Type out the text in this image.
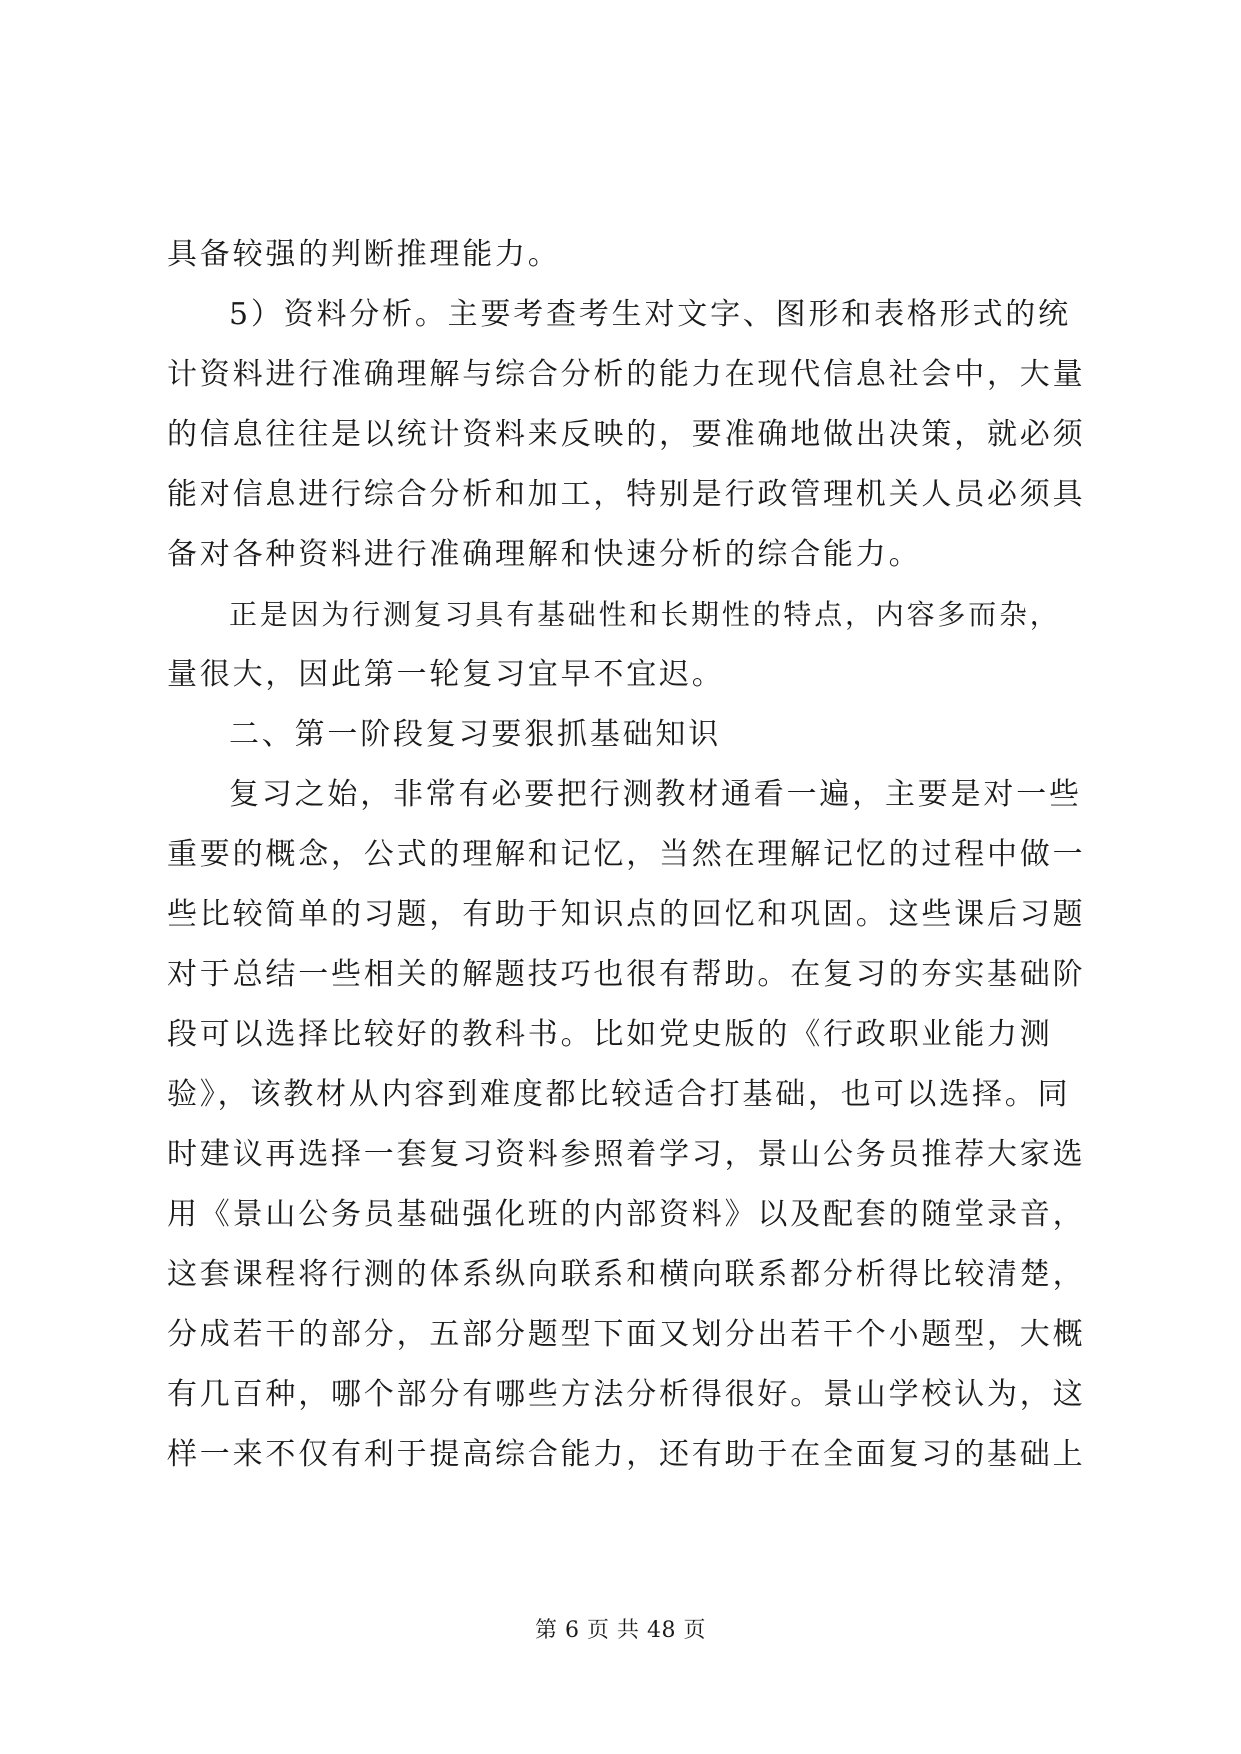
具备较强的判断推理能力。
5）资料分析。主要考查考生对文字、图形和表格形式的统
计资料进行准确理解与综合分析的能力在现代信息社会中，大量
的信息往往是以统计资料来反映的，要准确地做出决策，就必须
能对信息进行综合分析和加工，特别是行政管理机关人员必须具
备对各种资料进行准确理解和快速分析的综合能力。
正是因为行测复习具有基础性和长期性的特点，内容多而杂，
量很大，因此第一轮复习宜早不宜迟。
二、第一阶段复习要狠抓基础知识
复习之始，非常有必要把行测教材通看一遍，主要是对一些
重要的概念，公式的理解和记忆，当然在理解记忆的过程中做一
些比较简单的习题，有助于知识点的回忆和巩固。这些课后习题
对于总结一些相关的解题技巧也很有帮助。在复习的夯实基础阶
段可以选择比较好的教科书。比如党史版的《行政职业能力测
验》，该教材从内容到难度都比较适合打基础，也可以选择。同
时建议再选择一套复习资料参照着学习，景山公务员推荐大家选
用《景山公务员基础强化班的内部资料》以及配套的随堂录音，
这套课程将行测的体系纵向联系和横向联系都分析得比较清楚，
分成若干的部分，五部分题型下面又划分出若干个小题型，大概
有几百种，哪个部分有哪些方法分析得很好。景山学校认为，这
样一来不仅有利于提高综合能力，还有助于在全面复习的基础上
第 6 页 共 48 页
